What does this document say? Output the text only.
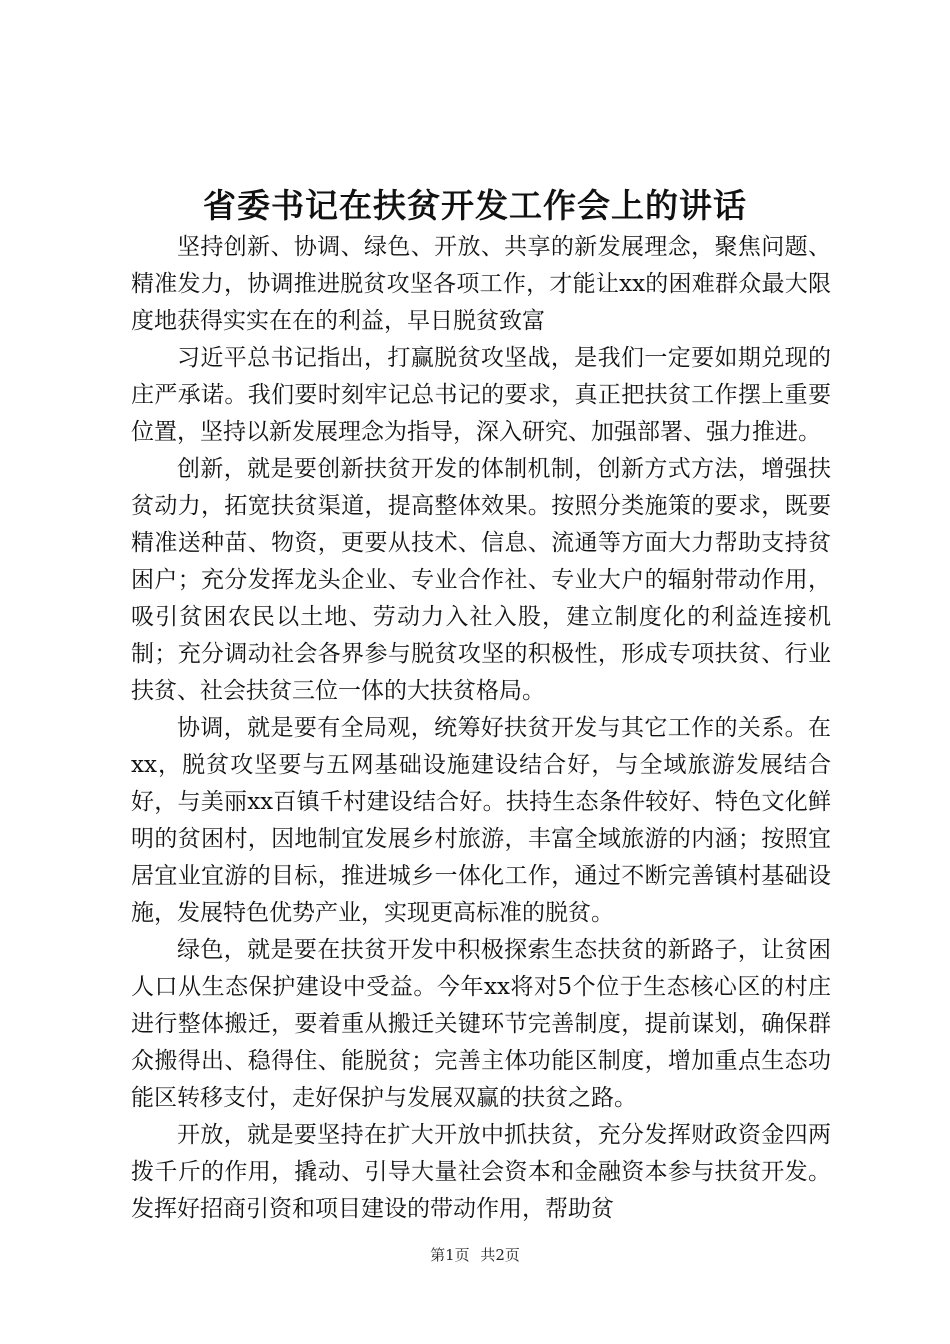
省委书记在扶贫开发工作会上的讲话

坚持创新、协调、绿色、开放、共享的新发展理念，聚焦问题、精准发力，协调推进脱贫攻坚各项工作，才能让xx的困难群众最大限度地获得实实在在的利益，早日脱贫致富

习近平总书记指出，打赢脱贫攻坚战，是我们一定要如期兑现的庄严承诺。我们要时刻牢记总书记的要求，真正把扶贫工作摆上重要位置，坚持以新发展理念为指导，深入研究、加强部署、强力推进。

创新，就是要创新扶贫开发的体制机制，创新方式方法，增强扶贫动力，拓宽扶贫渠道，提高整体效果。按照分类施策的要求，既要精准送种苗、物资，更要从技术、信息、流通等方面大力帮助支持贫困户；充分发挥龙头企业、专业合作社、专业大户的辐射带动作用，吸引贫困农民以土地、劳动力入社入股，建立制度化的利益连接机制；充分调动社会各界参与脱贫攻坚的积极性，形成专项扶贫、行业扶贫、社会扶贫三位一体的大扶贫格局。

协调，就是要有全局观，统筹好扶贫开发与其它工作的关系。在xx，脱贫攻坚要与五网基础设施建设结合好，与全域旅游发展结合好，与美丽xx百镇千村建设结合好。扶持生态条件较好、特色文化鲜明的贫困村，因地制宜发展乡村旅游，丰富全域旅游的内涵；按照宜居宜业宜游的目标，推进城乡一体化工作，通过不断完善镇村基础设施，发展特色优势产业，实现更高标准的脱贫。

绿色，就是要在扶贫开发中积极探索生态扶贫的新路子，让贫困人口从生态保护建设中受益。今年xx将对5个位于生态核心区的村庄进行整体搬迁，要着重从搬迁关键环节完善制度，提前谋划，确保群众搬得出、稳得住、能脱贫；完善主体功能区制度，增加重点生态功能区转移支付，走好保护与发展双赢的扶贫之路。

开放，就是要坚持在扩大开放中抓扶贫，充分发挥财政资金四两拨千斤的作用，撬动、引导大量社会资本和金融资本参与扶贫开发。发挥好招商引资和项目建设的带动作用，帮助贫

第1页 共2页
